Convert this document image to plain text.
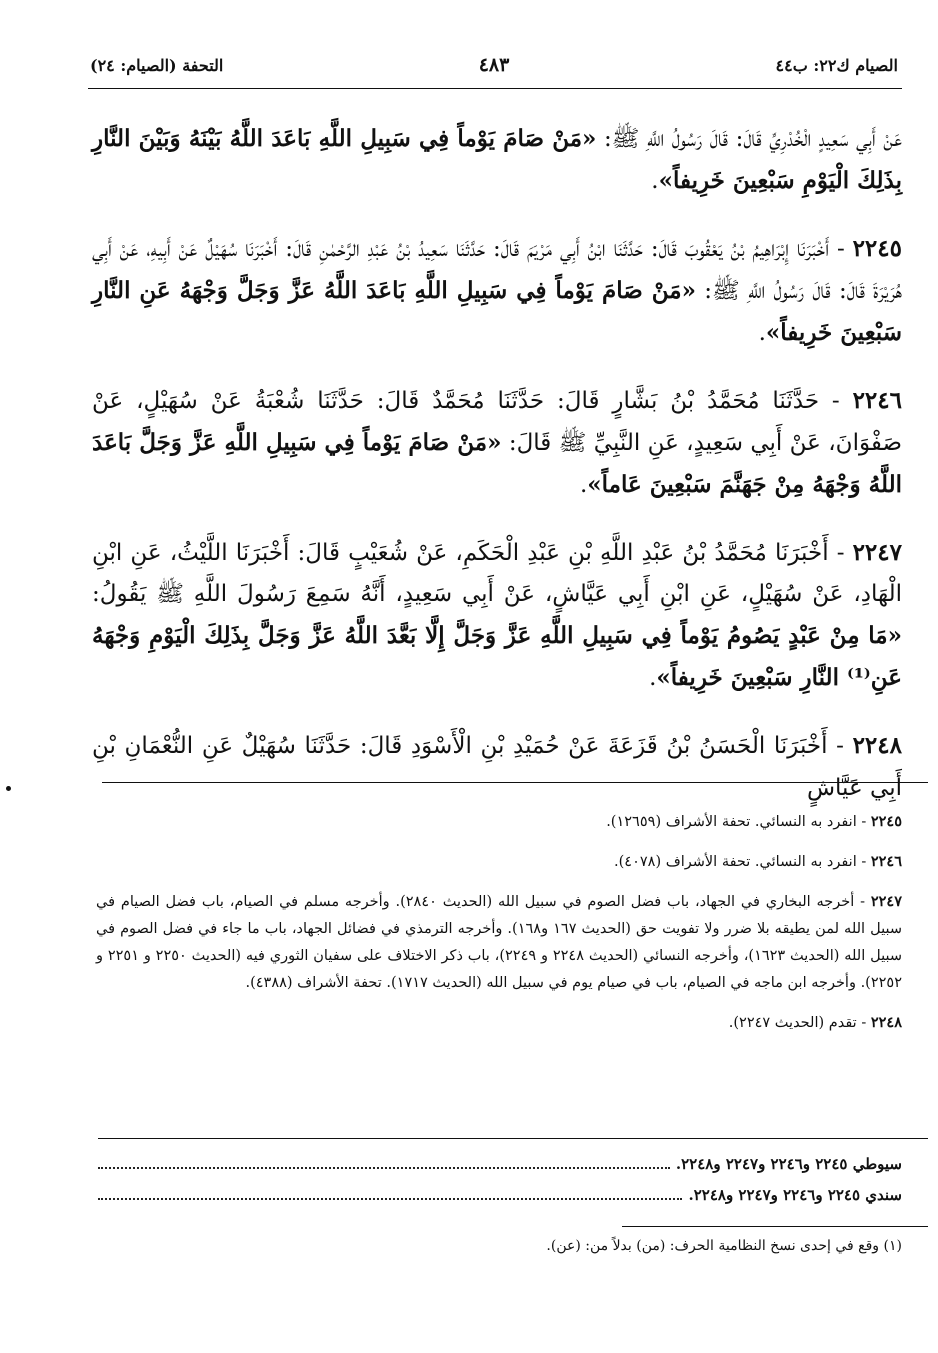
الصيام ك٢٢: ب٤٤
٤٨٣
التحفة (الصيام: ٢٤)

عَنْ أَبِي سَعِيدٍ الْخُدْرِيِّ قَالَ: قَالَ رَسُولُ اللَّهِ ﷺ: «مَنْ صَامَ يَوْماً فِي سَبِيلِ اللَّهِ بَاعَدَ اللَّهُ بَيْنَهُ وَبَيْنَ النَّارِ بِذَلِكَ الْيَوْمِ سَبْعِينَ خَرِيفاً».

٢٢٤٥ - أَخْبَرَنَا إِبْرَاهِيمُ بْنُ يَعْقُوبَ قَالَ: حَدَّثَنَا ابْنُ أَبِي مَرْيَمَ قَالَ: حَدَّثَنَا سَعِيدُ بْنُ عَبْدِ الرَّحْمٰنِ قَالَ: أَخْبَرَنَا سُهَيْلٌ عَنْ أَبِيهِ، عَنْ أَبِي هُرَيْرَةَ قَالَ: قَالَ رَسُولُ اللَّهِ ﷺ: «مَنْ صَامَ يَوْماً فِي سَبِيلِ اللَّهِ بَاعَدَ اللَّهُ عَزَّ وَجَلَّ وَجْهَهُ عَنِ النَّارِ سَبْعِينَ خَرِيفاً».

٢٢٤٦ - حَدَّثَنَا مُحَمَّدُ بْنُ بَشَّارٍ قَالَ: حَدَّثَنَا مُحَمَّدٌ قَالَ: حَدَّثَنَا شُعْبَةُ عَنْ سُهَيْلٍ، عَنْ صَفْوَانَ، عَنْ أَبِي سَعِيدٍ، عَنِ النَّبِيِّ ﷺ قَالَ: «مَنْ صَامَ يَوْماً فِي سَبِيلِ اللَّهِ عَزَّ وَجَلَّ بَاعَدَ اللَّهُ وَجْهَهُ مِنْ جَهَنَّمَ سَبْعِينَ عَاماً».

٢٢٤٧ - أَخْبَرَنَا مُحَمَّدُ بْنُ عَبْدِ اللَّهِ بْنِ عَبْدِ الْحَكَمِ، عَنْ شُعَيْبٍ قَالَ: أَخْبَرَنَا اللَّيْثُ، عَنِ ابْنِ الْهَادِ، عَنْ سُهَيْلٍ، عَنِ ابْنِ أَبِي عَيَّاشٍ، عَنْ أَبِي سَعِيدٍ، أَنَّهُ سَمِعَ رَسُولَ اللَّهِ ﷺ يَقُولُ: «مَا مِنْ عَبْدٍ يَصُومُ يَوْماً فِي سَبِيلِ اللَّهِ عَزَّ وَجَلَّ إِلَّا بَعَّدَ اللَّهُ عَزَّ وَجَلَّ بِذَلِكَ الْيَوْمِ وَجْهَهُ عَنِ⁽¹⁾ النَّارِ سَبْعِينَ خَرِيفاً».

٢٢٤٨ - أَخْبَرَنَا الْحَسَنُ بْنُ قَزَعَةَ عَنْ حُمَيْدِ بْنِ الْأَسْوَدِ قَالَ: حَدَّثَنَا سُهَيْلٌ عَنِ النُّعْمَانِ بْنِ أَبِي عَيَّاشٍ

٢٢٤٥ - انفرد به النسائي. تحفة الأشراف (١٢٦٥٩).

٢٢٤٦ - انفرد به النسائي. تحفة الأشراف (٤٠٧٨).

٢٢٤٧ - أخرجه البخاري في الجهاد، باب فضل الصوم في سبيل الله (الحديث ٢٨٤٠). وأخرجه مسلم في الصيام، باب فضل الصيام في سبيل الله لمن يطيقه بلا ضرر ولا تفويت حق (الحديث ١٦٧ و١٦٨). وأخرجه الترمذي في فضائل الجهاد، باب ما جاء في فضل الصوم في سبيل الله (الحديث ١٦٢٣)، وأخرجه النسائي (الحديث ٢٢٤٨ و ٢٢٤٩)، باب ذكر الاختلاف على سفيان الثوري فيه (الحديث ٢٢٥٠ و ٢٢٥١ و ٢٢٥٢). وأخرجه ابن ماجه في الصيام، باب في صيام يوم في سبيل الله (الحديث ١٧١٧). تحفة الأشراف (٤٣٨٨).

٢٢٤٨ - تقدم (الحديث ٢٢٤٧).

سيوطي

٢٢٤٥ و٢٢٤٦ و٢٢٤٧ و٢٢٤٨.
سندي

٢٢٤٥ و٢٢٤٦ و٢٢٤٧ و٢٢٤٨.
(١) وقع في إحدى نسخ النظامية الحرف: (من) بدلاً من: (عن).
